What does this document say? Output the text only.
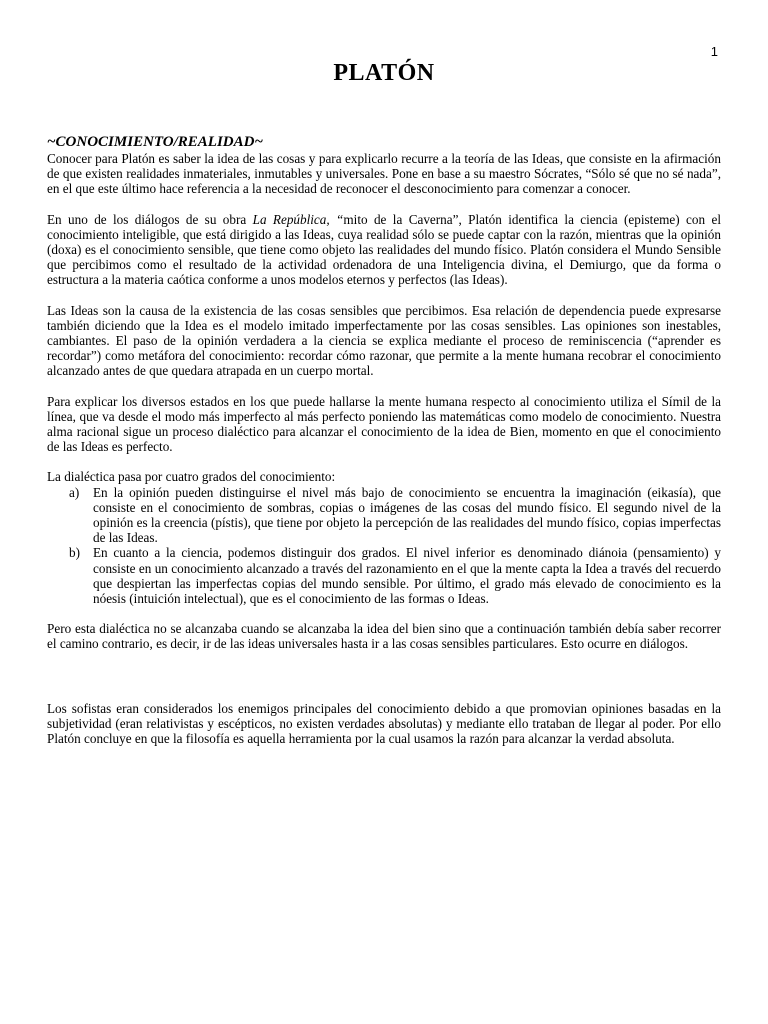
1
PLATÓN
~CONOCIMIENTO/REALIDAD~

Conocer para Platón es saber la idea de las cosas y para explicarlo recurre a la teoría de las Ideas, que consiste en la afirmación de que existen realidades inmateriales, inmutables y universales. Pone en base a su maestro Sócrates, “Sólo sé que no sé nada”, en el que este último hace referencia a la necesidad de reconocer el desconocimiento para comenzar a conocer.

En uno de los diálogos de su obra La República, “mito de la Caverna”, Platón identifica la ciencia (episteme) con el conocimiento inteligible, que está dirigido a las Ideas, cuya realidad sólo se puede captar con la razón, mientras que la opinión (doxa) es el conocimiento sensible, que tiene como objeto las realidades del mundo físico. Platón considera el Mundo Sensible que percibimos como el resultado de la actividad ordenadora de una Inteligencia divina, el Demiurgo, que da forma o estructura a la materia caótica conforme a unos modelos eternos y perfectos (las Ideas).

Las Ideas son la causa de la existencia de las cosas sensibles que percibimos. Esa relación de dependencia puede expresarse también diciendo que la Idea es el modelo imitado imperfectamente por las cosas sensibles. Las opiniones son inestables, cambiantes. El paso de la opinión verdadera a la ciencia se explica mediante el proceso de reminiscencia (“aprender es recordar”) como metáfora del conocimiento: recordar cómo razonar, que permite a la mente humana recobrar el conocimiento alcanzado antes de que quedara atrapada en un cuerpo mortal.

Para explicar los diversos estados en los que puede hallarse la mente humana respecto al conocimiento utiliza el Símil de la línea, que va desde el modo más imperfecto al más perfecto poniendo las matemáticas como modelo de conocimiento. Nuestra alma racional sigue un proceso dialéctico para alcanzar el conocimiento de la idea de Bien, momento en que el conocimiento de las Ideas es perfecto.

La dialéctica pasa por cuatro grados del conocimiento:

a)	En la opinión pueden distinguirse el nivel más bajo de conocimiento se encuentra la imaginación (eikasía), que consiste en el conocimiento de sombras, copias o imágenes de las cosas del mundo físico. El segundo nivel de la opinión es la creencia (pístis), que tiene por objeto la percepción de las realidades del mundo físico, copias imperfectas de las Ideas.
b) En cuanto a la ciencia, podemos distinguir dos grados. El nivel inferior es denominado diánoia (pensamiento) y consiste en un conocimiento alcanzado a través del razonamiento en el que la mente capta la Idea a través del recuerdo que despiertan las imperfectas copias del mundo sensible. Por último, el grado más elevado de conocimiento es la nóesis (intuición intelectual), que es el conocimiento de las formas o Ideas.

Pero esta dialéctica no se alcanzaba cuando se alcanzaba la idea del bien sino que a continuación también debía saber recorrer el camino contrario, es decir, ir de las ideas universales hasta ir a las cosas sensibles particulares. Esto ocurre en diálogos.

Los sofistas eran considerados los enemigos principales del conocimiento debido a que promovian opiniones basadas en la subjetividad (eran relativistas y escépticos, no existen verdades absolutas) y mediante ello trataban de llegar al poder. Por ello Platón concluye en que la filosofía es aquella herramienta por la cual usamos la razón para alcanzar la verdad absoluta.
